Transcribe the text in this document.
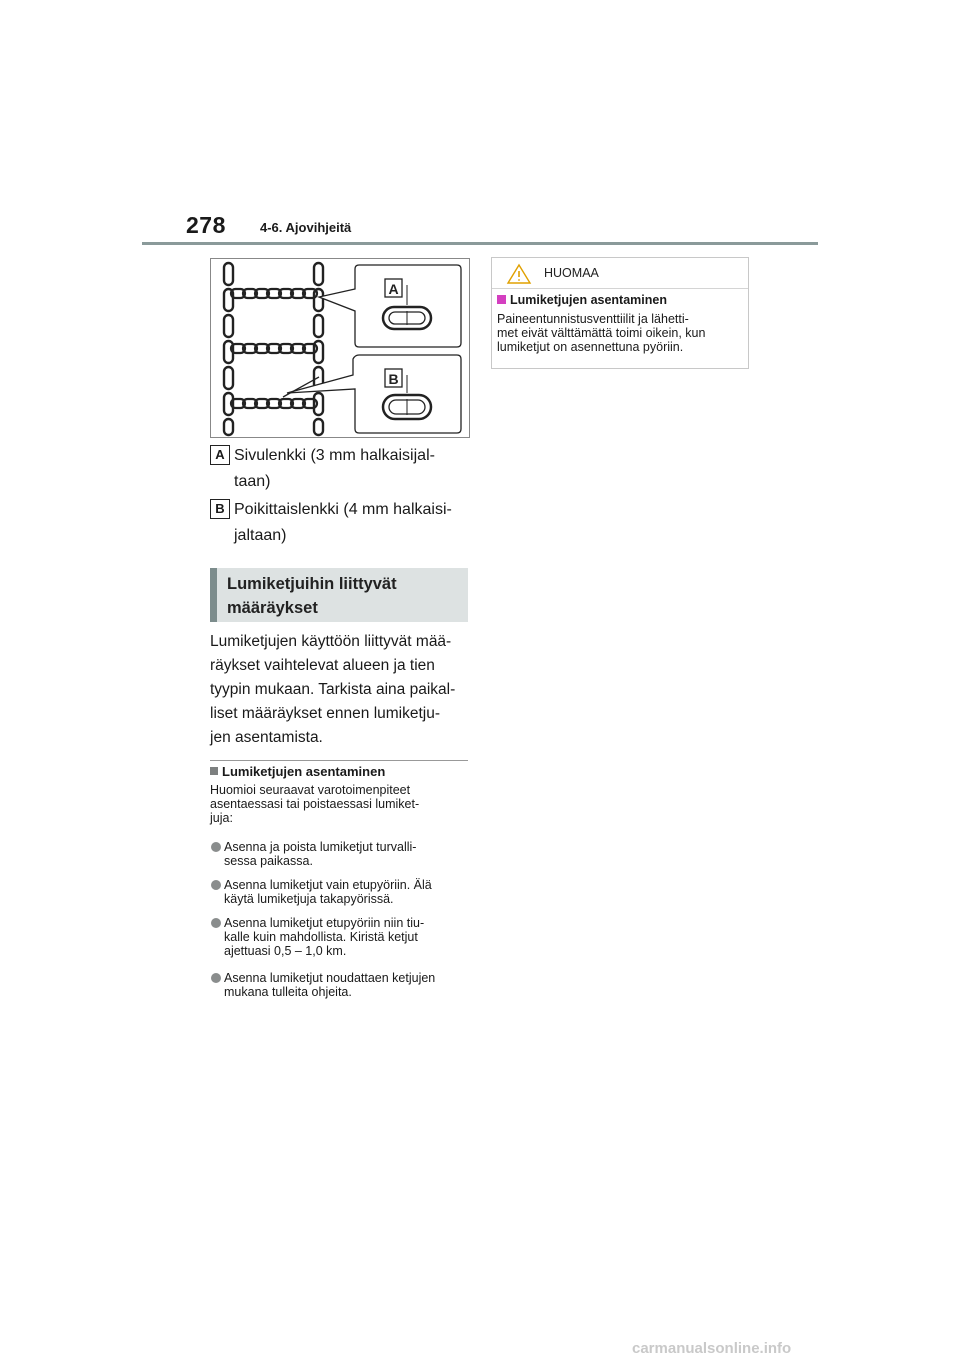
278	4-6. Ajovihjeitä
A
B
A Sivulenkki (3 mm halkaisijal-
taan)
B Poikittaislenkki (4 mm halkaisi-
jaltaan)
Lumiketjuihin liittyvät
määräykset
Lumiketjujen käyttöön liittyvät mää-
räykset vaihtelevat alueen ja tien
tyypin mukaan. Tarkista aina paikal-
liset määräykset ennen lumiketju-
jen asentamista.
Lumiketjujen asentaminen
Huomioi seuraavat varotoimenpiteet
asentaessasi tai poistaessasi lumiket-
juja:
Asenna ja poista lumiketjut turvalli-
sessa paikassa.
Asenna lumiketjut vain etupyöriin. Älä
käytä lumiketjuja takapyörissä.
Asenna lumiketjut etupyöriin niin tiu-
kalle kuin mahdollista. Kiristä ketjut
ajettuasi 0,5 – 1,0 km.
Asenna lumiketjut noudattaen ketjujen
mukana tulleita ohjeita.
HUOMAA
Lumiketjujen asentaminen
Paineentunnistusventtiilit ja lähetti-
met eivät välttämättä toimi oikein, kun
lumiketjut on asennettuna pyöriin.
carmanualsonline.info
